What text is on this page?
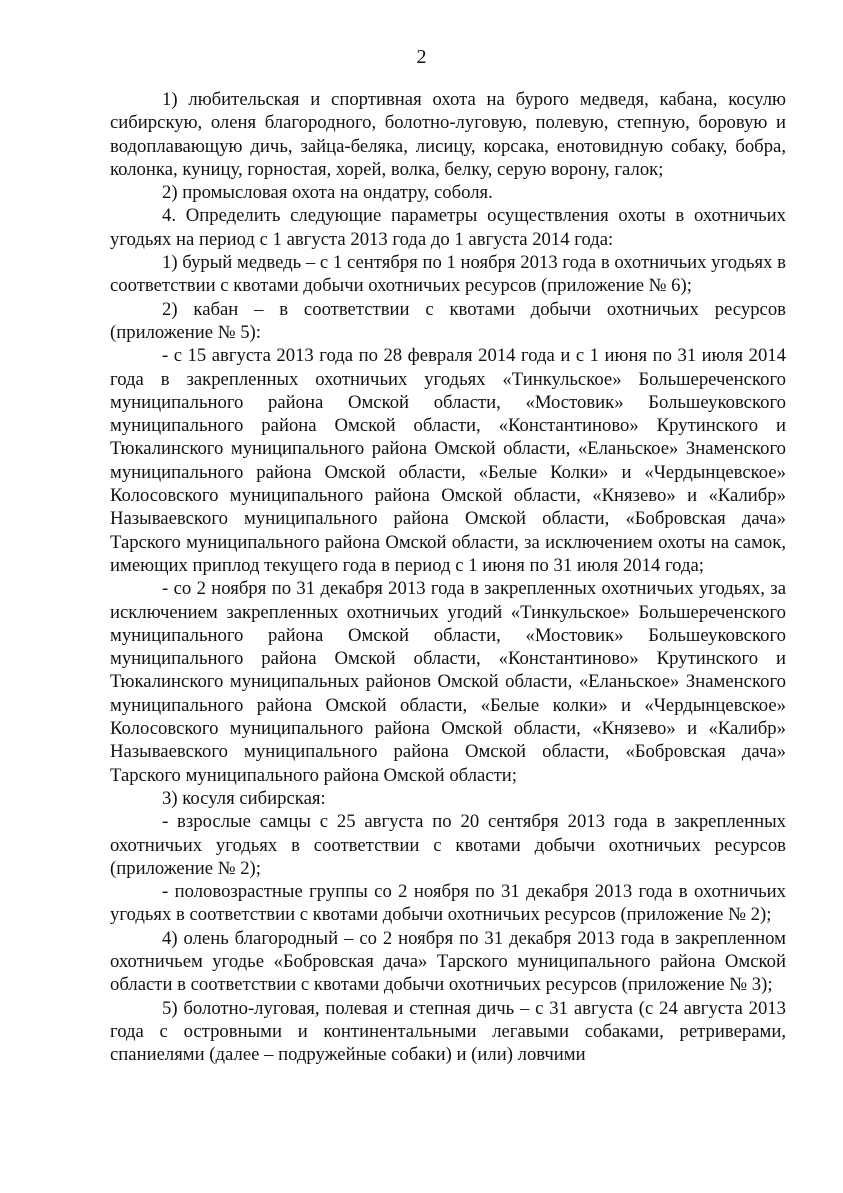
2

1) любительская и спортивная охота на бурого медведя, кабана, косулю сибирскую, оленя благородного, болотно-луговую, полевую, степную, боровую и водоплавающую дичь, зайца-беляка, лисицу, корсака, енотовидную собаку, бобра, колонка, куницу, горностая, хорей, волка, белку, серую ворону, галок;

2) промысловая охота на ондатру, соболя.

4. Определить следующие параметры осуществления охоты в охотничьих угодьях на период с 1 августа 2013 года до 1 августа 2014 года:

1) бурый медведь – с 1 сентября по 1 ноября 2013 года в охотничьих угодьях в соответствии с квотами добычи охотничьих ресурсов (приложение № 6);

2) кабан – в соответствии с квотами добычи охотничьих ресурсов (приложение № 5):

- с 15 августа 2013 года по 28 февраля 2014 года и с 1 июня по 31 июля 2014 года в закрепленных охотничьих угодьях «Тинкульское» Большереченского муниципального района Омской области, «Мостовик» Большеуковского муниципального района Омской области, «Константиново» Крутинского и Тюкалинского муниципального района Омской области, «Еланьское» Знаменского муниципального района Омской области, «Белые Колки» и «Чердынцевское» Колосовского муниципального района Омской области, «Князево» и «Калибр» Называевского муниципального района Омской области, «Бобровская дача» Тарского муниципального района Омской области, за исключением охоты на самок, имеющих приплод текущего года в период с 1 июня по 31 июля 2014 года;

- со 2 ноября по 31 декабря 2013 года в закрепленных охотничьих угодьях, за исключением закрепленных охотничьих угодий «Тинкульское» Большереченского муниципального района Омской области, «Мостовик» Большеуковского муниципального района Омской области, «Константиново» Крутинского и Тюкалинского муниципальных районов Омской области, «Еланьское» Знаменского муниципального района Омской области, «Белые колки» и «Чердынцевское» Колосовского муниципального района Омской области, «Князево» и «Калибр» Называевского муниципального района Омской области, «Бобровская дача» Тарского муниципального района Омской области;

3) косуля сибирская:

- взрослые самцы с 25 августа по 20 сентября 2013 года в закрепленных охотничьих угодьях в соответствии с квотами добычи охотничьих ресурсов (приложение № 2);

- половозрастные группы со 2 ноября по 31 декабря 2013 года в охотничьих угодьях в соответствии с квотами добычи охотничьих ресурсов (приложение № 2);

4) олень благородный – со 2 ноября по 31 декабря 2013 года в закрепленном охотничьем угодье «Бобровская дача» Тарского муниципального района Омской области в соответствии с квотами добычи охотничьих ресурсов (приложение № 3);

5) болотно-луговая, полевая и степная дичь – с 31 августа (с 24 августа 2013 года с островными и континентальными легавыми собаками, ретриверами, спаниелями (далее – подружейные собаки) и (или) ловчими
